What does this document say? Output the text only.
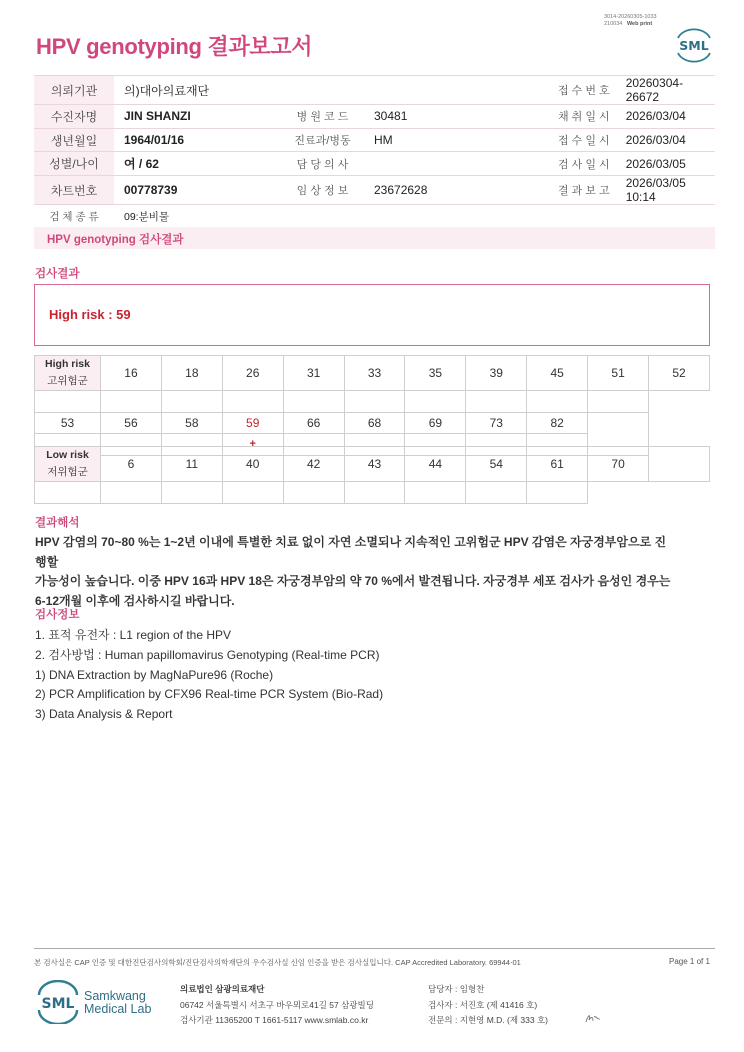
3014-20260305-1033
210034 Web print
HPV genotyping 결과보고서	SML
의뢰기관	의)대아의료재단				접 수 번 호	20260304-26672
수진자명	JIN SHANZI	병 원 코 드	30481		채 취 일 시	2026/03/04
생년월일	1964/01/16	진료과/병동	HM		접 수 일 시	2026/03/04
성별/나이	여 / 62	담 당 의 사			검 사 일 시	2026/03/05
차트번호	00778739	임 상 정 보	23672628		결 과 보 고	2026/03/05 10:14
검 체 종 류	09:분비물					
HPV genotyping 검사결과
검사결과
High risk : 59
High risk
고위험군	16	18	26	31	33	35	39	45	51	52

53	56	58	59	66	68	69	73	82		
			+							
Low risk
저위험군	6	11	40	42	43	44	54	61	70	

결과해석
HPV 감염의 70~80 %는 1~2년 이내에 특별한 치료 없이 자연 소멸되나 지속적인 고위험군 HPV 감염은 자궁경부암으로 진행할
가능성이 높습니다. 이중 HPV 16과 HPV 18은 자궁경부암의 약 70 %에서 발견됩니다. 자궁경부 세포 검사가 음성인 경우는
6-12개월 이후에 검사하시길 바랍니다.
검사정보
1. 표적 유전자 : L1 region of the HPV
2. 검사방법 : Human papillomavirus Genotyping (Real-time PCR)
1) DNA Extraction by MagNaPure96 (Roche)
2) PCR Amplification by CFX96 Real-time PCR System (Bio-Rad)
3) Data Analysis & Report
본 검사실은 CAP 인증 및 대한진단검사의학회/진단검사의학재단의 우수검사실 신임 인증을 받은 검사실입니다. CAP Accredited Laboratory. 69944-01	Page 1 of 1
SML Samkwang
Medical Lab
의료법인 삼광의료재단
06742 서울특별시 서초구 바우뫼로41길 57 삼광빌딩
검사기관 11365200 T 1661-5117 www.smlab.co.kr
담당자 : 임형찬
검사자 : 서진호 (제 41416 호)
전문의 : 지현영 M.D. (제 333 호)
